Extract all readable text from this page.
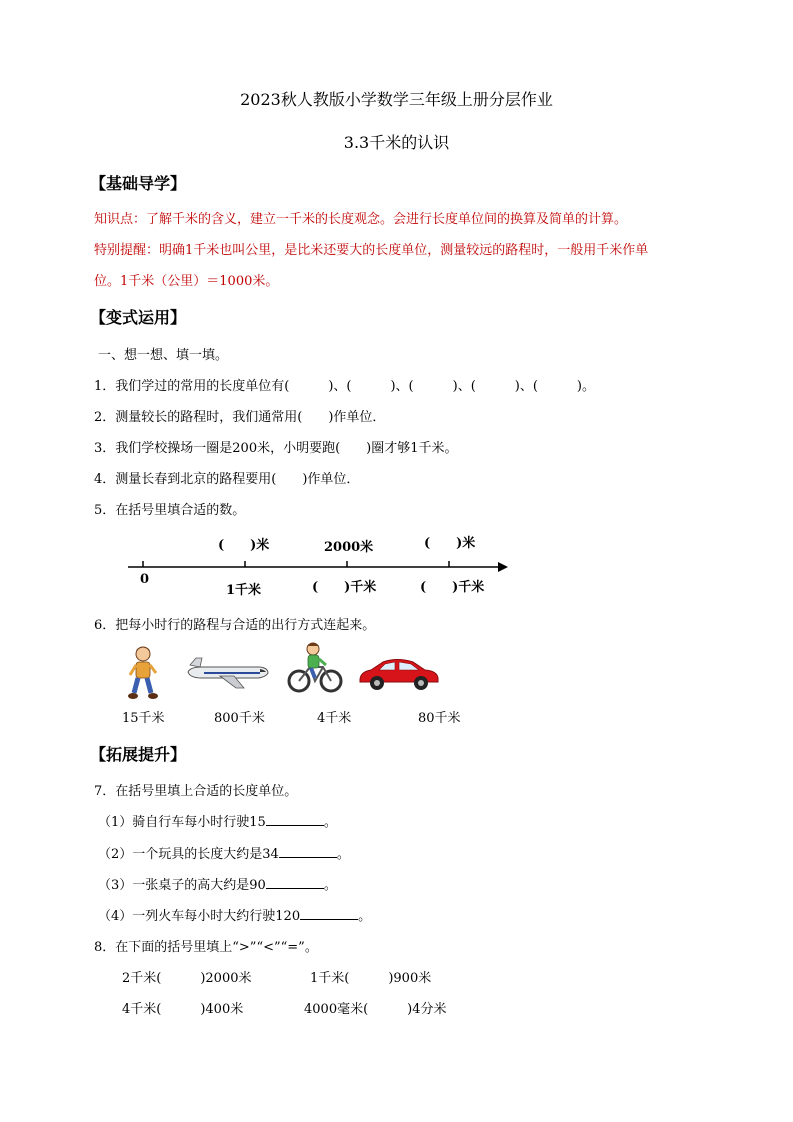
2023秋人教版小学数学三年级上册分层作业
3.3千米的认识
【基础导学】
知识点：了解千米的含义，建立一千米的长度观念。会进行长度单位间的换算及简单的计算。
特别提醒：明确1千米也叫公里，是比米还要大的长度单位，测量较远的路程时，一般用千米作单
位。1千米（公里）＝1000米。
【变式运用】
一、想一想、填一填。
1．我们学过的常用的长度单位有(　　　)、(　　　)、(　　　)、(　　　)、(　　　)。
2．测量较长的路程时，我们通常用(　　)作单位．
3．我们学校操场一圈是200米，小明要跑(　　)圈才够1千米。
4．测量长春到北京的路程要用(　　)作单位．
5．在括号里填合适的数。
(　　)米	2000米	(　　)米
0
1千米	(　　)千米	(　　)千米
6．把每小时行的路程与合适的出行方式连起来。
15千米	800千米	4千米	80千米
【拓展提升】
7．在括号里填上合适的长度单位。
（1）骑自行车每小时行驶15	。
（2）一个玩具的长度大约是34	。
（3）一张桌子的高大约是90	。
（4）一列火车每小时大约行驶120	。
8．在下面的括号里填上“>”“<”“=”。
2千米(　　　)2000米	1千米(　　　)900米
4千米(　　　)400米	4000毫米(　　　)4分米
